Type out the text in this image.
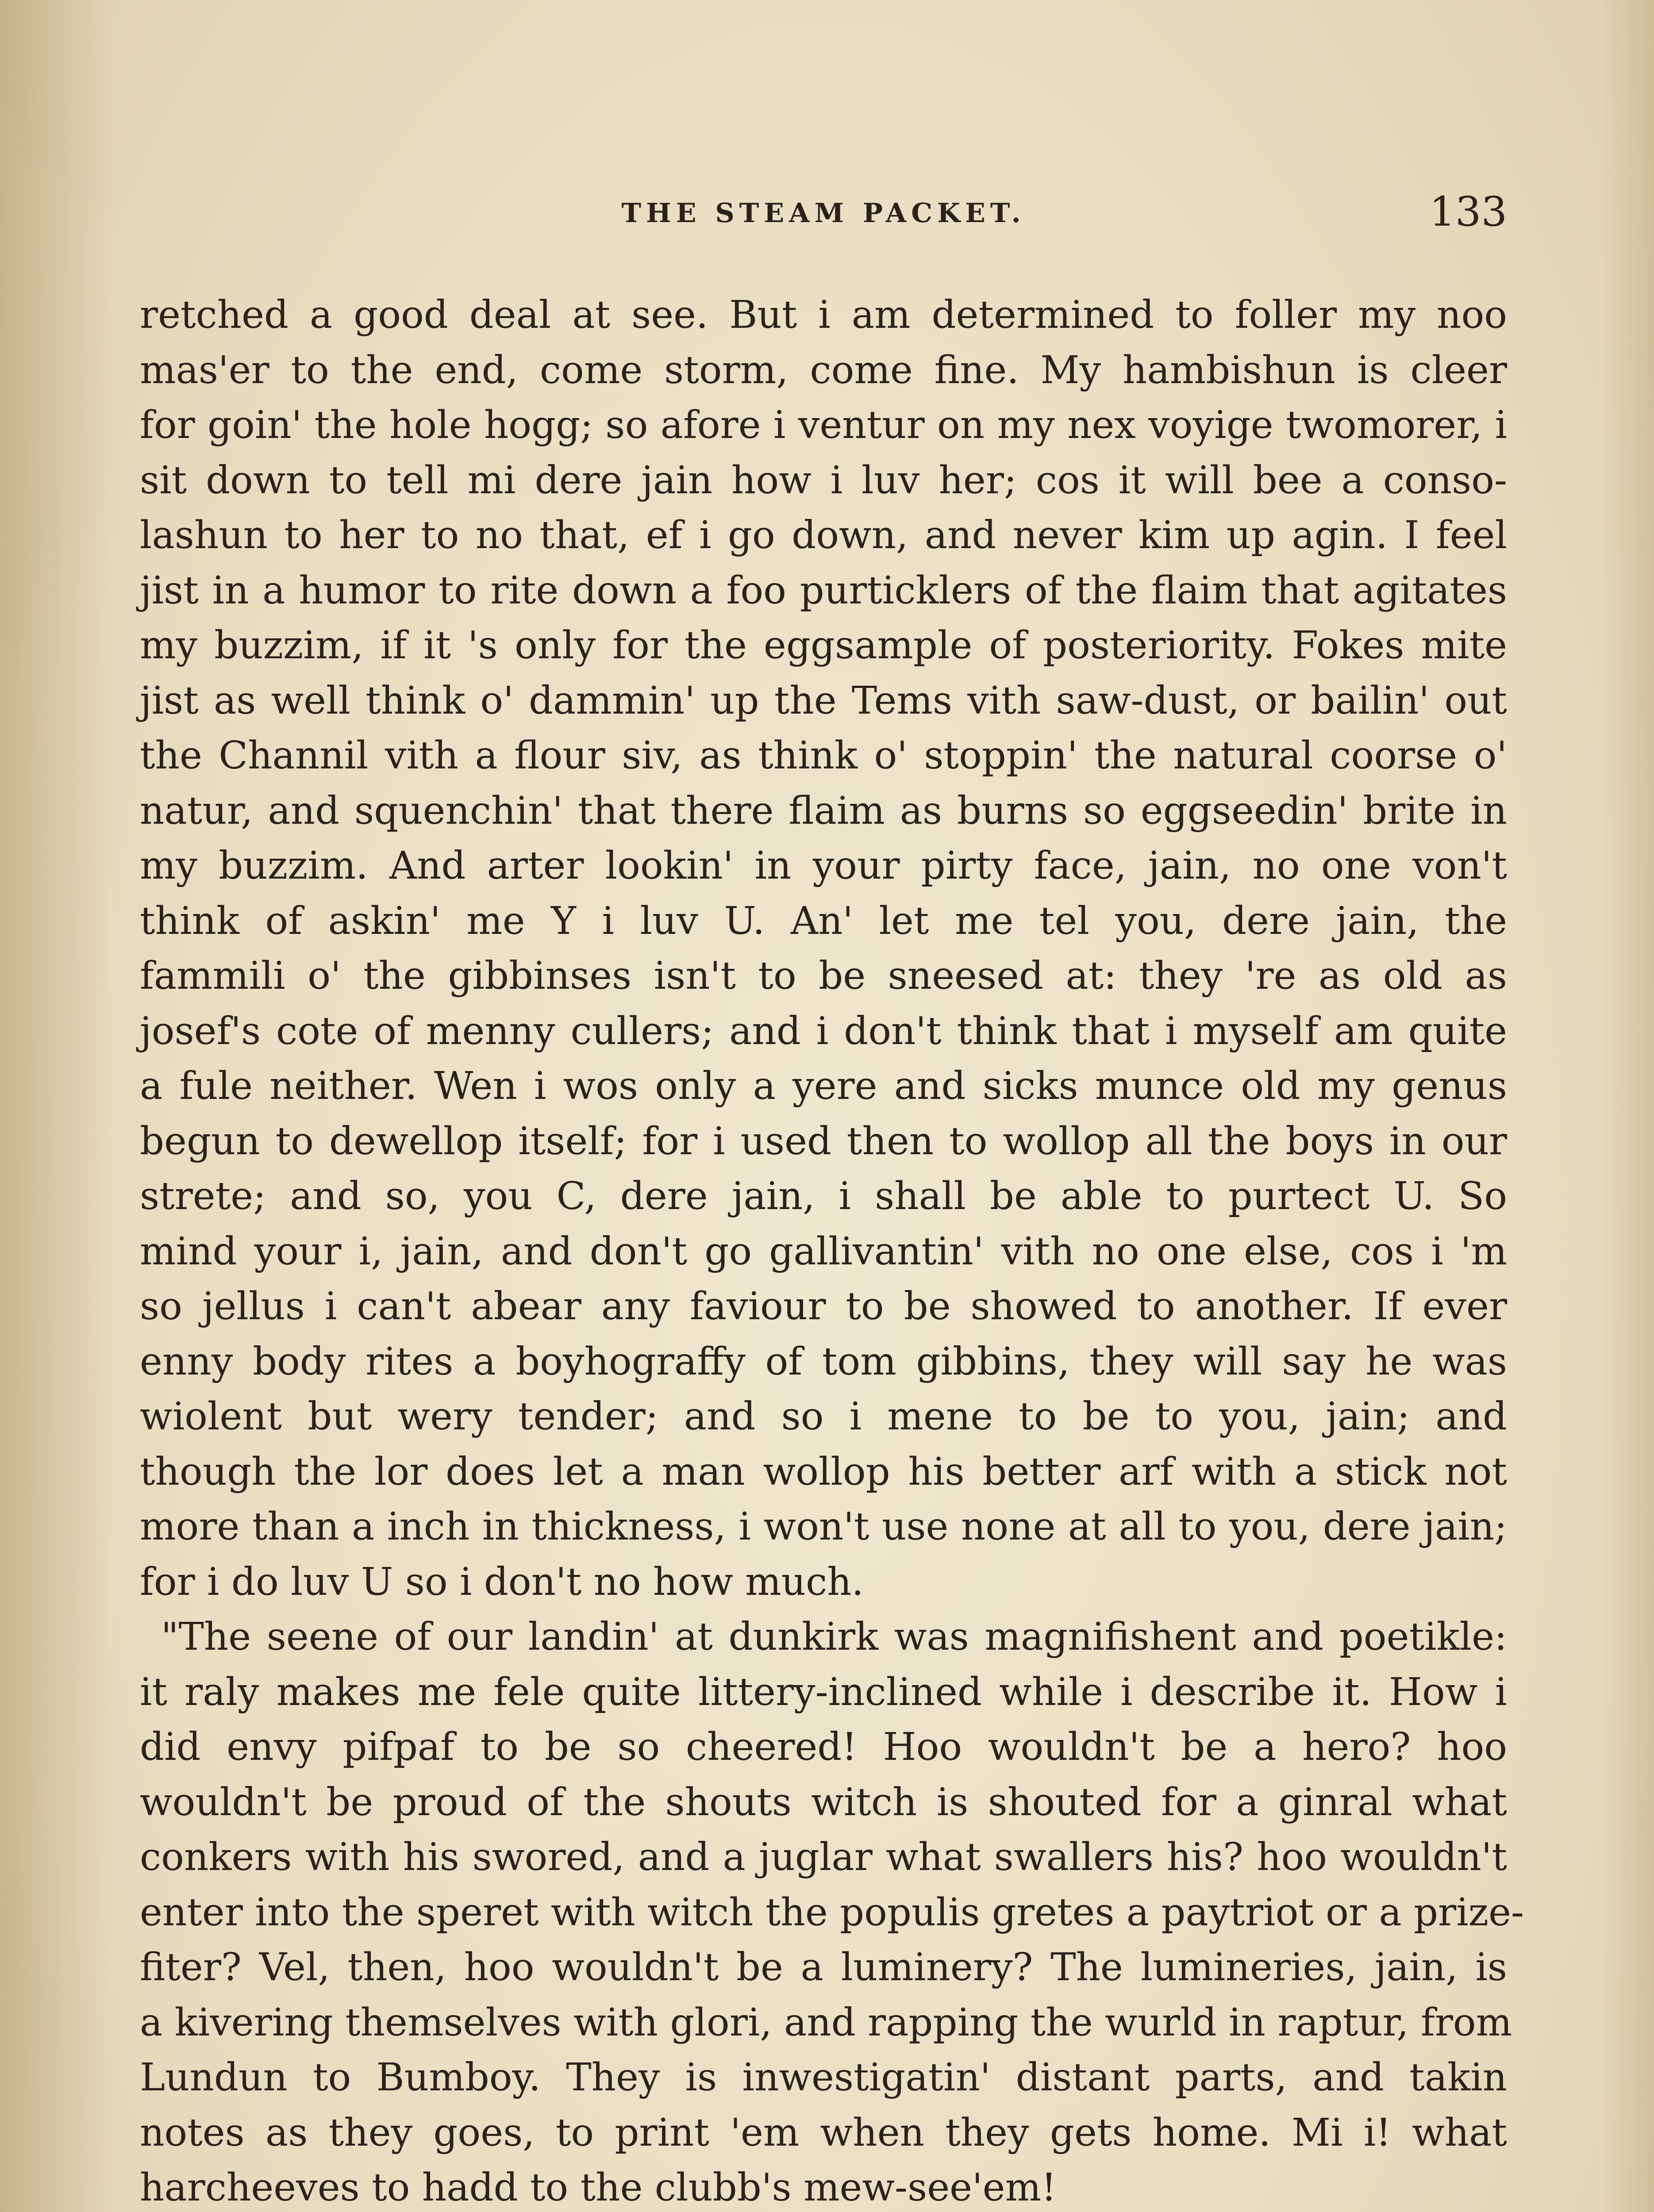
THE STEAM PACKET.	133
retched a good deal at see. But i am determined to foller my noo
mas'er to the end, come storm, come fine. My hambishun is cleer
for goin' the hole hogg; so afore i ventur on my nex voyige twomorer, i
sit down to tell mi dere jain how i luv her; cos it will bee a conso-
lashun to her to no that, ef i go down, and never kim up agin. I feel
jist in a humor to rite down a foo purticklers of the flaim that agitates
my buzzim, if it 's only for the eggsample of posteriority. Fokes mite
jist as well think o' dammin' up the Tems vith saw-dust, or bailin' out
the Channil vith a flour siv, as think o' stoppin' the natural coorse o'
natur, and squenchin' that there flaim as burns so eggseedin' brite in
my buzzim. And arter lookin' in your pirty face, jain, no one von't
think of askin' me Y i luv U. An' let me tel you, dere jain, the
fammili o' the gibbinses isn't to be sneesed at: they 're as old as
josef's cote of menny cullers; and i don't think that i myself am quite
a fule neither. Wen i wos only a yere and sicks munce old my genus
begun to dewellop itself; for i used then to wollop all the boys in our
strete; and so, you C, dere jain, i shall be able to purtect U. So
mind your i, jain, and don't go gallivantin' vith no one else, cos i 'm
so jellus i can't abear any faviour to be showed to another. If ever
enny body rites a boyhograffy of tom gibbins, they will say he was
wiolent but wery tender; and so i mene to be to you, jain; and
though the lor does let a man wollop his better arf with a stick not
more than a inch in thickness, i won't use none at all to you, dere jain;
for i do luv U so i don't no how much.
"The seene of our landin' at dunkirk was magnifishent and poetikle:
it raly makes me fele quite littery-inclined while i describe it. How i
did envy pifpaf to be so cheered! Hoo wouldn't be a hero? hoo
wouldn't be proud of the shouts witch is shouted for a ginral what
conkers with his swored, and a juglar what swallers his? hoo wouldn't
enter into the speret with witch the populis gretes a paytriot or a prize-
fiter? Vel, then, hoo wouldn't be a luminery? The lumineries, jain, is
a kivering themselves with glori, and rapping the wurld in raptur, from
Lundun to Bumboy. They is inwestigatin' distant parts, and takin
notes as they goes, to print 'em when they gets home. Mi i! what
harcheeves to hadd to the clubb's mew-see'em!
